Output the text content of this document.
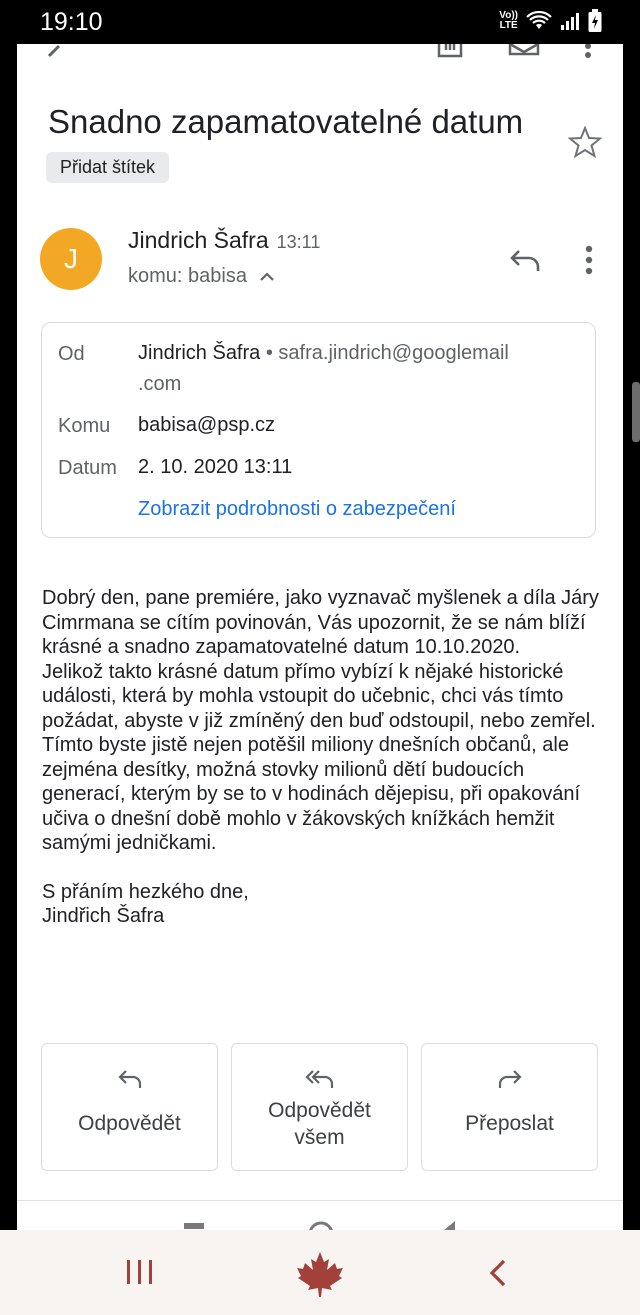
19:10	Vo))
LTE
Snadno zapamatovatelné datum
Přidat štítek
J
Jindrich Šafra 13:11
komu: babisa
Od	Jindrich Šafra • safra.jindrich@googlemail
.com
Komu babisa@psp.cz
Datum 2. 10. 2020 13:11
Zobrazit podrobnosti o zabezpečení

Dobrý den, pane premiére, jako vyznavač myšlenek a díla Járy Cimrmana se cítím povinován, Vás upozornit, že se nám blíží krásné a snadno zapamatovatelné datum 10.10.2020.

Jelikož takto krásné datum přímo vybízí k nějaké historické události, která by mohla vstoupit do učebnic, chci vás tímto požádat, abyste v již zmíněný den buď odstoupil, nebo zemřel.

Tímto byste jistě nejen potěšil miliony dnešních občanů, ale zejména desítky, možná stovky milionů dětí budoucích generací, kterým by se to v hodinách dějepisu, při opakování učiva o dnešní době mohlo v žákovských knížkách hemžit samými jedničkami.

S přáním hezkého dne,

Jindřich Šafra

Odpovědět
Odpovědět
všem
Přeposlat
